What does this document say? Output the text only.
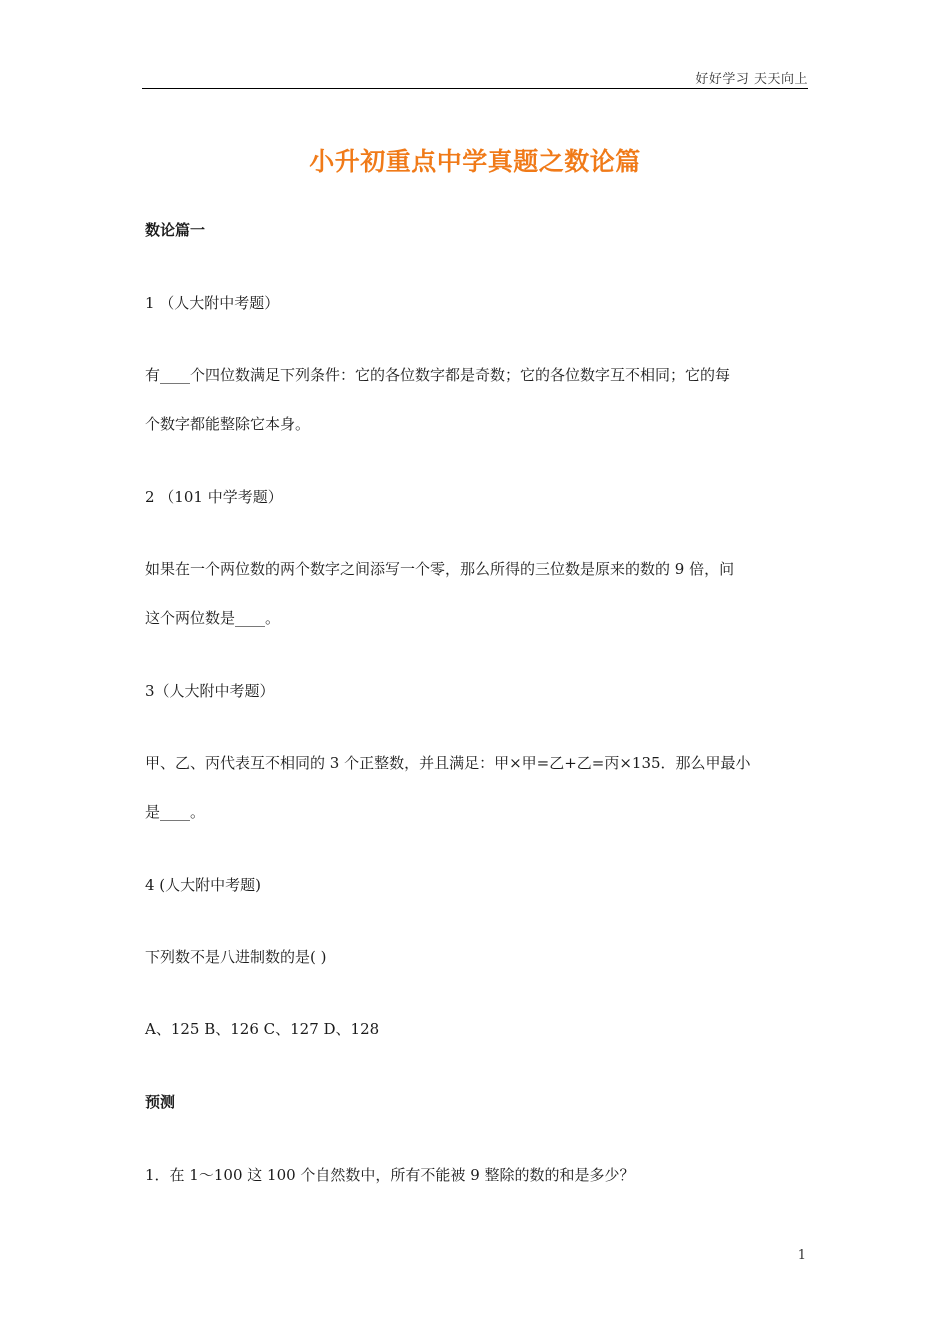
好好学习 天天向上
小升初重点中学真题之数论篇
数论篇一
1 （人大附中考题）
有____个四位数满足下列条件：它的各位数字都是奇数；它的各位数字互不相同；它的每
个数字都能整除它本身。
2 （101 中学考题）
如果在一个两位数的两个数字之间添写一个零，那么所得的三位数是原来的数的 9 倍，问
这个两位数是____。
3（人大附中考题）
甲、乙、丙代表互不相同的 3 个正整数，并且满足：甲×甲=乙+乙=丙×135．那么甲最小
是____。
4 (人大附中考题)
下列数不是八进制数的是( )
A、125 B、126 C、127 D、128
预测
1．在 1～100 这 100 个自然数中，所有不能被 9 整除的数的和是多少？
1
